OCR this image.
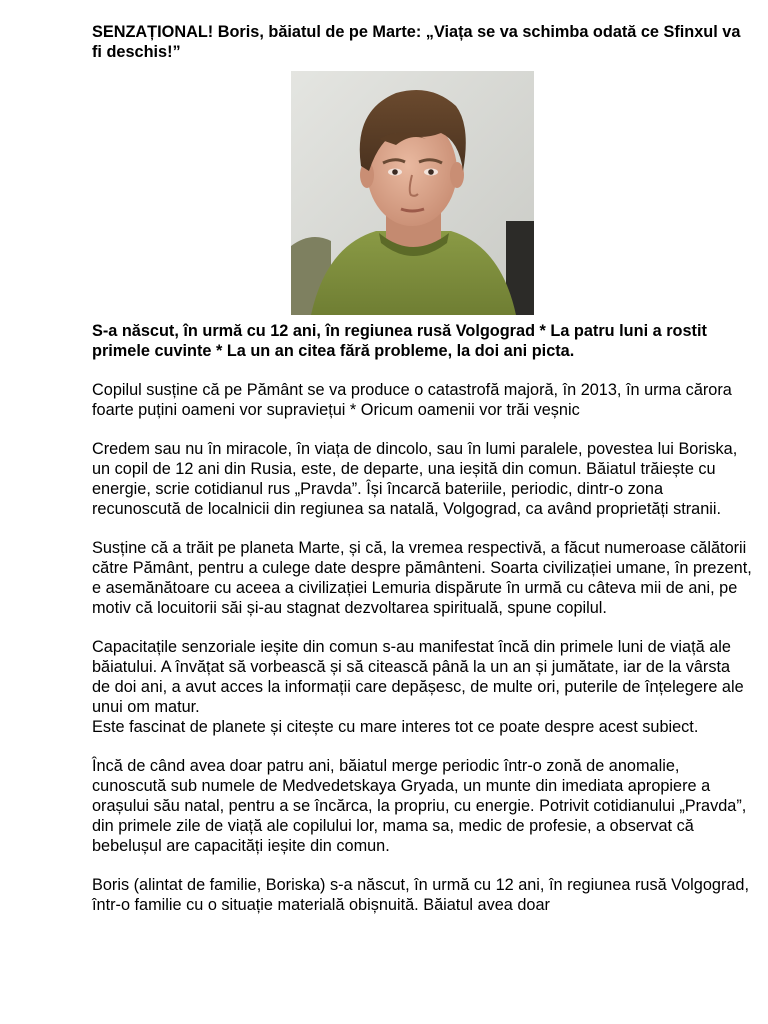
SENZAȚIONAL! Boris, băiatul de pe Marte: „Viața se va schimba odată ce Sfinxul va fi deschis!”

S-a născut, în urmă cu 12 ani, în regiunea rusă Volgograd * La patru luni a rostit primele cuvinte * La un an citea fără probleme, la doi ani picta.

Copilul susține că pe Pământ se va produce o catastrofă majoră, în 2013, în urma cărora foarte puțini oameni vor supraviețui * Oricum oamenii vor trăi veșnic

Credem sau nu în miracole, în viața de dincolo, sau în lumi paralele, povestea lui Boriska, un copil de 12 ani din Rusia, este, de departe, una ieșită din comun. Băiatul trăiește cu energie, scrie cotidianul rus „Pravda”. Își încarcă bateriile, periodic, dintr-o zona recunoscută de localnicii din regiunea sa natală, Volgograd, ca având proprietăți stranii.

Susține că a trăit pe planeta Marte, și că, la vremea respectivă, a făcut numeroase călătorii către Pământ, pentru a culege date despre pământeni. Soarta civilizației umane, în prezent, e asemănătoare cu aceea a civilizației Lemuria dispărute în urmă cu câteva mii de ani, pe motiv că locuitorii săi și-au stagnat dezvoltarea spirituală, spune copilul.

Capacitațile senzoriale ieșite din comun s-au manifestat încă din primele luni de viață ale băiatului. A învățat să vorbească și să citească până la un an și jumătate, iar de la vârsta de doi ani, a avut acces la informații care depășesc, de multe ori, puterile de înțelegere ale unui om matur.

Este fascinat de planete și citește cu mare interes tot ce poate despre acest subiect.

Încă de când avea doar patru ani, băiatul merge periodic într-o zonă de anomalie, cunoscută sub numele de Medvedetskaya Gryada, un munte din imediata apropiere a orașului său natal, pentru a se încărca, la propriu, cu energie. Potrivit cotidianului „Pravda”, din primele zile de viață ale copilului lor, mama sa, medic de profesie, a observat că bebelușul are capacități ieșite din comun.

Boris (alintat de familie, Boriska) s-a născut, în urmă cu 12 ani, în regiunea rusă Volgograd, într-o familie cu o situație materială obișnuită. Băiatul avea doar
